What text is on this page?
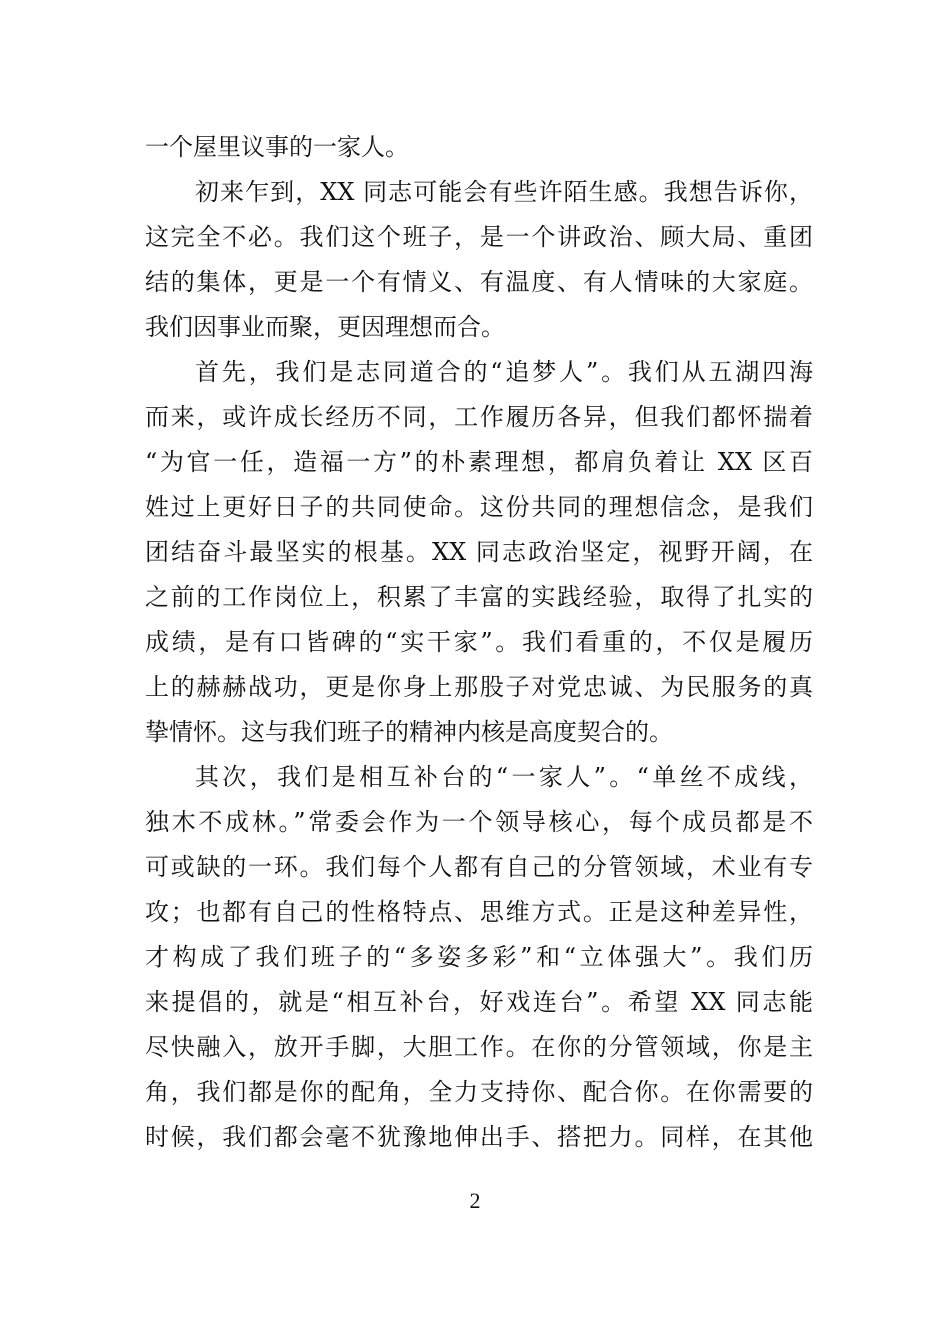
一个屋里议事的一家人。
初来乍到，XX 同志可能会有些许陌生感。我想告诉你，
这完全不必。我们这个班子，是一个讲政治、顾大局、重团
结的集体，更是一个有情义、有温度、有人情味的大家庭。
我们因事业而聚，更因理想而合。
首先，我们是志同道合的“追梦人”。我们从五湖四海
而来，或许成长经历不同，工作履历各异，但我们都怀揣着
“为官一任，造福一方”的朴素理想，都肩负着让 XX 区百
姓过上更好日子的共同使命。这份共同的理想信念，是我们
团结奋斗最坚实的根基。XX 同志政治坚定，视野开阔，在
之前的工作岗位上，积累了丰富的实践经验，取得了扎实的
成绩，是有口皆碑的“实干家”。我们看重的，不仅是履历
上的赫赫战功，更是你身上那股子对党忠诚、为民服务的真
挚情怀。这与我们班子的精神内核是高度契合的。
其次，我们是相互补台的“一家人”。“单丝不成线，
独木不成林。”常委会作为一个领导核心，每个成员都是不
可或缺的一环。我们每个人都有自己的分管领域，术业有专
攻；也都有自己的性格特点、思维方式。正是这种差异性，
才构成了我们班子的“多姿多彩”和“立体强大”。我们历
来提倡的，就是“相互补台，好戏连台”。希望 XX 同志能
尽快融入，放开手脚，大胆工作。在你的分管领域，你是主
角，我们都是你的配角，全力支持你、配合你。在你需要的
时候，我们都会毫不犹豫地伸出手、搭把力。同样，在其他
2
